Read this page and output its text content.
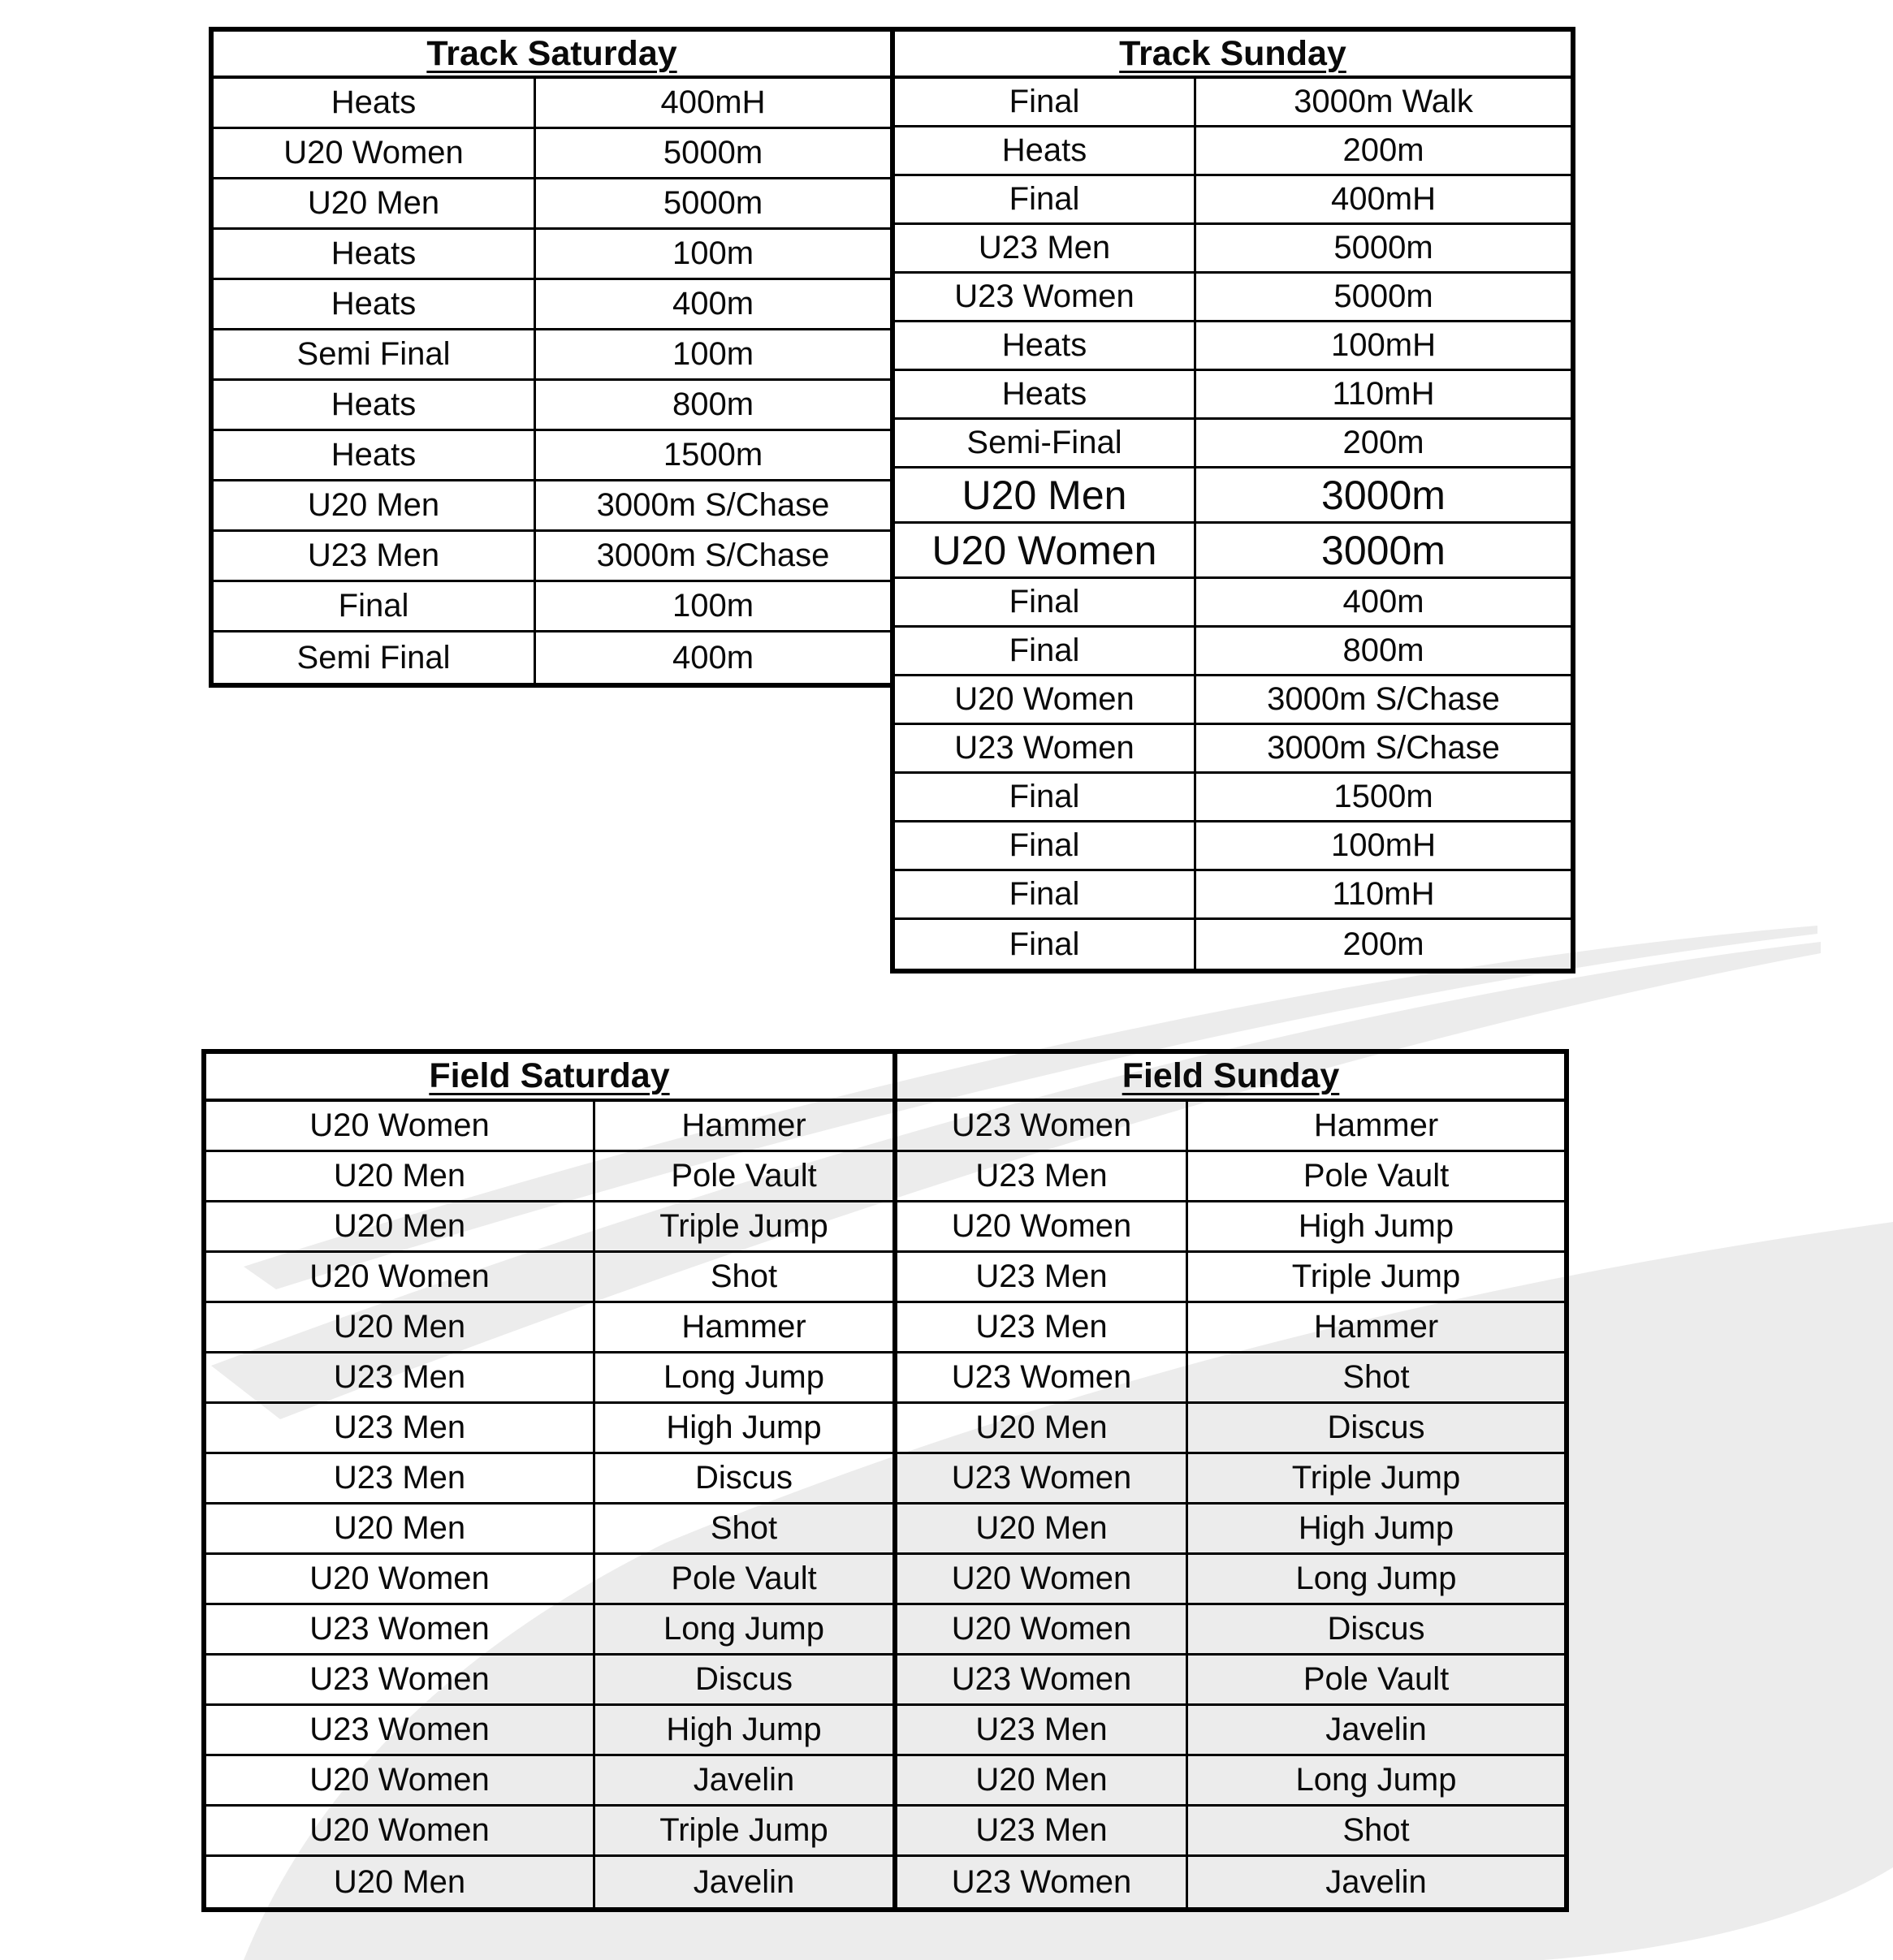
Track Saturday
Heats	400mH
U20 Women	5000m
U20 Men	5000m
Heats	100m
Heats	400m
Semi Final	100m
Heats	800m
Heats	1500m
U20 Men	3000m S/Chase
U23 Men	3000m S/Chase
Final	100m
Semi Final	400m
Track Sunday
Final	3000m Walk
Heats	200m
Final	400mH
U23 Men	5000m
U23 Women	5000m
Heats	100mH
Heats	110mH
Semi-Final	200m
U20 Men	3000m
U20 Women	3000m
Final	400m
Final	800m
U20 Women	3000m S/Chase
U23 Women	3000m S/Chase
Final	1500m
Final	100mH
Final	110mH
Final	200m
Field Saturday
U20 Women	Hammer
U20 Men	Pole Vault
U20 Men	Triple Jump
U20 Women	Shot
U20 Men	Hammer
U23 Men	Long Jump
U23 Men	High Jump
U23 Men	Discus
U20 Men	Shot
U20 Women	Pole Vault
U23 Women	Long Jump
U23 Women	Discus
U23 Women	High Jump
U20 Women	Javelin
U20 Women	Triple Jump
U20 Men	Javelin
Field Sunday
U23 Women	Hammer
U23 Men	Pole Vault
U20 Women	High Jump
U23 Men	Triple Jump
U23 Men	Hammer
U23 Women	Shot
U20 Men	Discus
U23 Women	Triple Jump
U20 Men	High Jump
U20 Women	Long Jump
U20 Women	Discus
U23 Women	Pole Vault
U23 Men	Javelin
U20 Men	Long Jump
U23 Men	Shot
U23 Women	Javelin
